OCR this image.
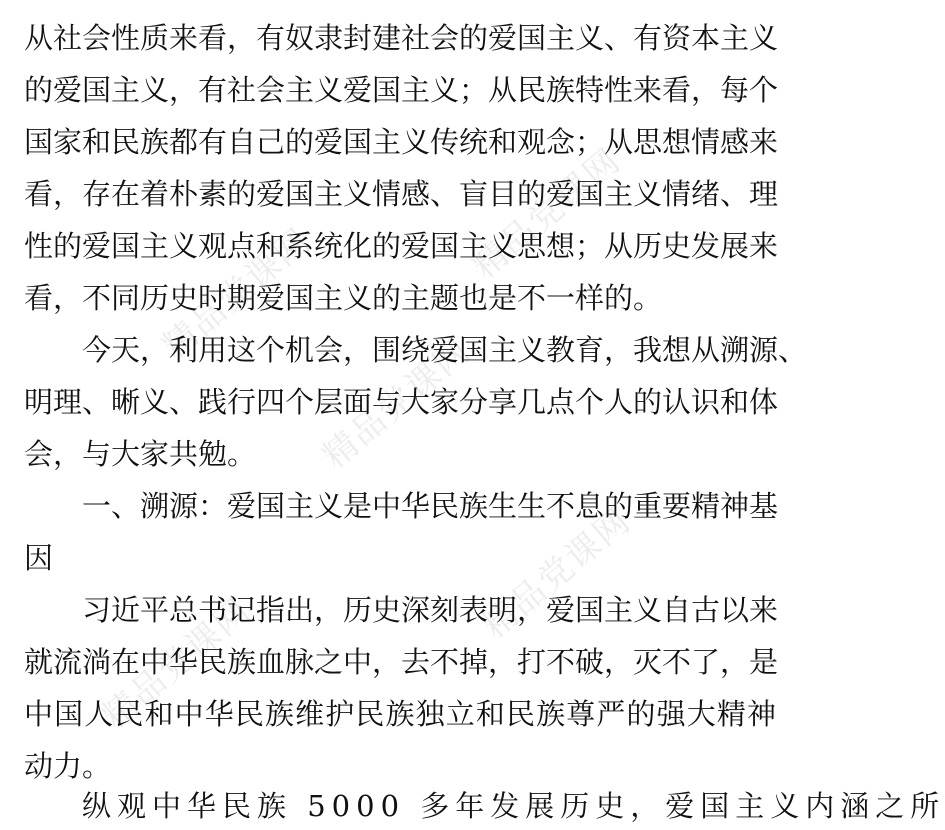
精品党课网
精品党课网
精品党课网
精品党课网
精品党课网
从社会性质来看，有奴隶封建社会的爱国主义、有资本主义
的爱国主义，有社会主义爱国主义；从民族特性来看，每个
国家和民族都有自己的爱国主义传统和观念；从思想情感来
看，存在着朴素的爱国主义情感、盲目的爱国主义情绪、理
性的爱国主义观点和系统化的爱国主义思想；从历史发展来
看，不同历史时期爱国主义的主题也是不一样的。
今天，利用这个机会，围绕爱国主义教育，我想从溯源、
明理、晰义、践行四个层面与大家分享几点个人的认识和体
会，与大家共勉。
一、溯源：爱国主义是中华民族生生不息的重要精神基
因
习近平总书记指出，历史深刻表明，爱国主义自古以来
就流淌在中华民族血脉之中，去不掉，打不破，灭不了，是
中国人民和中华民族维护民族独立和民族尊严的强大精神
动力。
纵观中华民族 5000 多年发展历史，爱国主义内涵之所
